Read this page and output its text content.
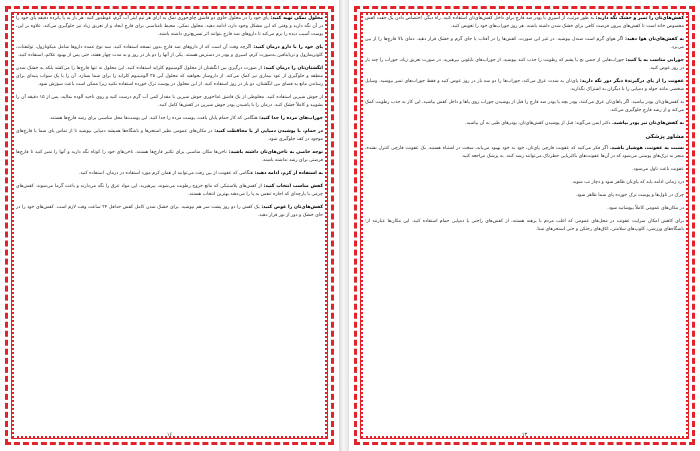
محلول نمکی تهیه کنید: پای خود را در محلول حاوی دو قاشق چای‌خوری نمک به ازای هر نیم لیتر آب گرم، غوطه‌ور کنید. هر بار به یا پانزده دقیقه پای خود را در آن نگه دارید و وقتی که این مشکل وجود دارد، ادامه دهید. محلول نمکی، محیط نامناسبی برای قارچ ایجاد و از تعریق زیاد نیز جلوگیری می‌کند. علاوه بر این، پوست آسیب دیده را نرم می‌کند تا داروهای ضد قارچ بتوانند اثر تسریع‌تری داشته باشند.

پای خود را با دارو درمان کنید: اگرچه وقت آن است که از داروهای ضد قارچ بدون نسخه استفاده کنید. سه نوع عمده داروها شامل میکونازول، تولنفتات، کلوتریمازول و ترباینافین به‌صورت کرم، اسپری و پودر در دسترس هستند. یکی از آنها را دو بار در روز و به مدت چهار هفته، حتی پس از بهبود علائم، استفاده کنید.

انگشتان‌تان را درمان کنید: از صورت درگیری بین انگشتان از محلول آلومینیوم کلراید استفاده کنید. این محلول نه تنها قارچ‌ها را می‌کشد بلکه به خشک شدن منطقه و جلوگیری از عود بیماری نیز کمک می‌کند. از داروساز بخواهید که محلول آبی ۲۵ آلومینیوم کلراید را برای شما بسازد. آن را با یک سواب پنبه‌ای برای رساندن مانع به فضای بین انگشتان، دو بار در روز استفاده کنید. از این محلول در پوست ترک خورده استفاده نکنید زیرا ممکن است باعث سوزش شود.

از جوش شیرین استفاده کنید. مخلوطی از یک قاشق غذاخوری جوش شیرین با مقدار کمی آب گرم درست کنید و روی ناحیه آلوده بمالید، پس از ۱۵ دقیقه آن را بشویید و کاملاً خشک کنید. درمان را با پاشیدن پودر جوش شیرین در کفش‌ها کامل کنید.

جوراب‌های مرده را جدا کنید: هنگامی که کار حمام پایان یافت، پوست مرده را جدا کنید. این پوست‌ها محل مناسبی برای رشد قارچ‌ها هستند.

در حمام، با پوشیدن دمپایی از پا محافظت کنید: در مکان‌های عمومی نظیر استخرها و باشگاه‌ها همیشه دمپایی بپوشید تا از تماس پای شما با قارچ‌های موجود در کف جلوگیری شود.

توجه خاصی به ناخن‌های‌تان داشته باشید: ناخن‌ها مکان مناسبی برای تکثیر قارچ‌ها هستند. ناخن‌های خود را کوتاه نگه دارید و آنها را تمیز کنید تا قارچ‌ها فرصتی برای رشد نداشته باشند.

به استفاده از کرم، ادامه دهید: هنگامی که عفونت از بین رفت می‌توانید از همان کرم مورد استفاده در درمان، استفاده کنید.

کفش مناسب انتخاب کنید: از کفش‌های پلاستیکی که مانع خروج رطوبت می‌شوند، بپرهیزید. این مواد عرق را نگه می‌دارند و باعث گرما می‌شوند. کفش‌های چرمی یا پارچه‌ای که اجازه تنفس به پا را می‌دهند بهترین انتخاب هستند.

کفش‌های‌تان را عوض کنید: یک کفش را دو روز پشت سر هم نپوشید. برای خشک شدن کامل کفش حداقل ۲۴ ساعت وقت لازم است. کفش‌های خود را در جای خشک و دور از نور قرار دهید.

۱۶

کفش‌های‌تان را تمیز و خشک نگه دارید: به طور مرتب، از اسپری یا پودر ضد قارچ برای داخل کفش‌های‌تان استفاده کنید. راه دیگر، اختصاص دادن یک جفت کفش مخصوص خانه است تا کفش‌های بیرون فرصت کافی برای خشک شدن داشته باشند. هر روز جوراب‌های خود را تعویض کنید.

به کفش‌های‌تان هوا دهید: اگر هوای گرم است صندل بپوشید. در غیر این صورت، کفش‌ها را در آفتاب یا جای گرم و خشک قرار دهید. دمای بالا قارچ‌ها را از بین می‌برد.

جورابی مناسب به پا کنید: جوراب‌هایی از جنس نخ یا پشم که رطوبت را جذب کنند بپوشید. از جوراب‌های نایلونی بپرهیزید. در صورت تعریق زیاد، جوراب را چند بار در روز عوض کنید.

عفونت را از پای درگیرندهٔ دیگر دور نگه دارید: پای‌تان به شدت عرق می‌کند، جوراب‌ها را دو سه بار در روز عوض کنید و فقط جوراب‌های تمیز بپوشید. وسایل شخصی مانند حوله و دمپایی را با دیگران به اشتراک نگذارید.

به کفش‌های‌تان پودر بپاشید. اگر پاهای‌تان عرق می‌کنند، پودر بچه یا پودر ضد قارچ را قبل از پوشیدن جوراب روی پاها و داخل کفش بپاشید. این کار به جذب رطوبت کمک می‌کند و از رشد قارچ جلوگیری می‌کند.

به کفش‌های‌تان نیز پودر بپاشید. دکتر ایمن می‌گوید: قبل از پوشیدن کفش‌های‌تان، پودرهای طبی به آن بپاشید.

مشاور پزشکی

نسبت به عفونت، هوشیار باشید. اگر فکر می‌کنید که عفونت قارچی پای‌تان، خود به خود بهبود می‌یابد، سخت در اشتباه هستید. یک عفونت قارچی کنترل نشده، منجر به ترک‌های پوستی می‌شود که در آن‌ها عفونت‌های باکتریایی خطرناک می‌توانند رشد کنند. به پزشک مراجعه کنید.

عفونت باعث تاول می‌شود.

درد زمانی ادامه یابد که پای‌تان ظاهر شود و دچار تب شوید.

چرک در تاول‌ها و پوست ترک خورده پای شما ظاهر شود.

در مکان‌های عمومی کاملاً بپوشانید شود.

برای کاهش امکان سرایت عفونت در محل‌های عمومی که اغلب مردم با برهنه هستند، از کفش‌های راحتی یا دمپایی حمام استفاده کنید. این مکان‌ها عبارتند از: باشگاه‌های ورزشی، کلوپ‌های سلامتی، اتاق‌های رختکن و حتی استخرهای شنا.

۱۳
